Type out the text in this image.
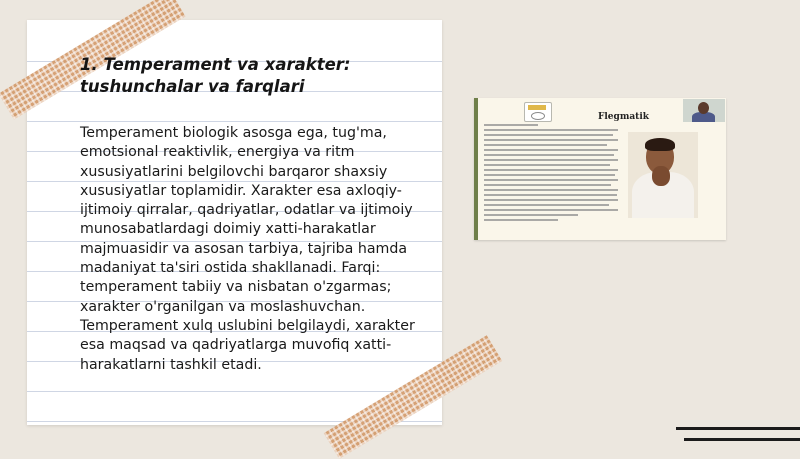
1. Temperament va xarakter: tushunchalar va farqlari

Temperament biologik asosga ega, tug'ma, emotsional reaktivlik, energiya va ritm xususiyatlarini belgilovchi barqaror shaxsiy xususiyatlar toplamidir. Xarakter esa axloqiy-ijtimoiy qirralar, qadriyatlar, odatlar va ijtimoiy munosabatlardagi doimiy xatti-harakatlar majmuasidir va asosan tarbiya, tajriba hamda madaniyat ta'siri ostida shakllanadi. Farqi: temperament tabiiy va nisbatan o'zgarmas; xarakter o'rganilgan va moslashuvchan. Temperament xulq uslubini belgilaydi, xarakter esa maqsad va qadriyatlarga muvofiq xatti-harakatlarni tashkil etadi.

Flegmatik
